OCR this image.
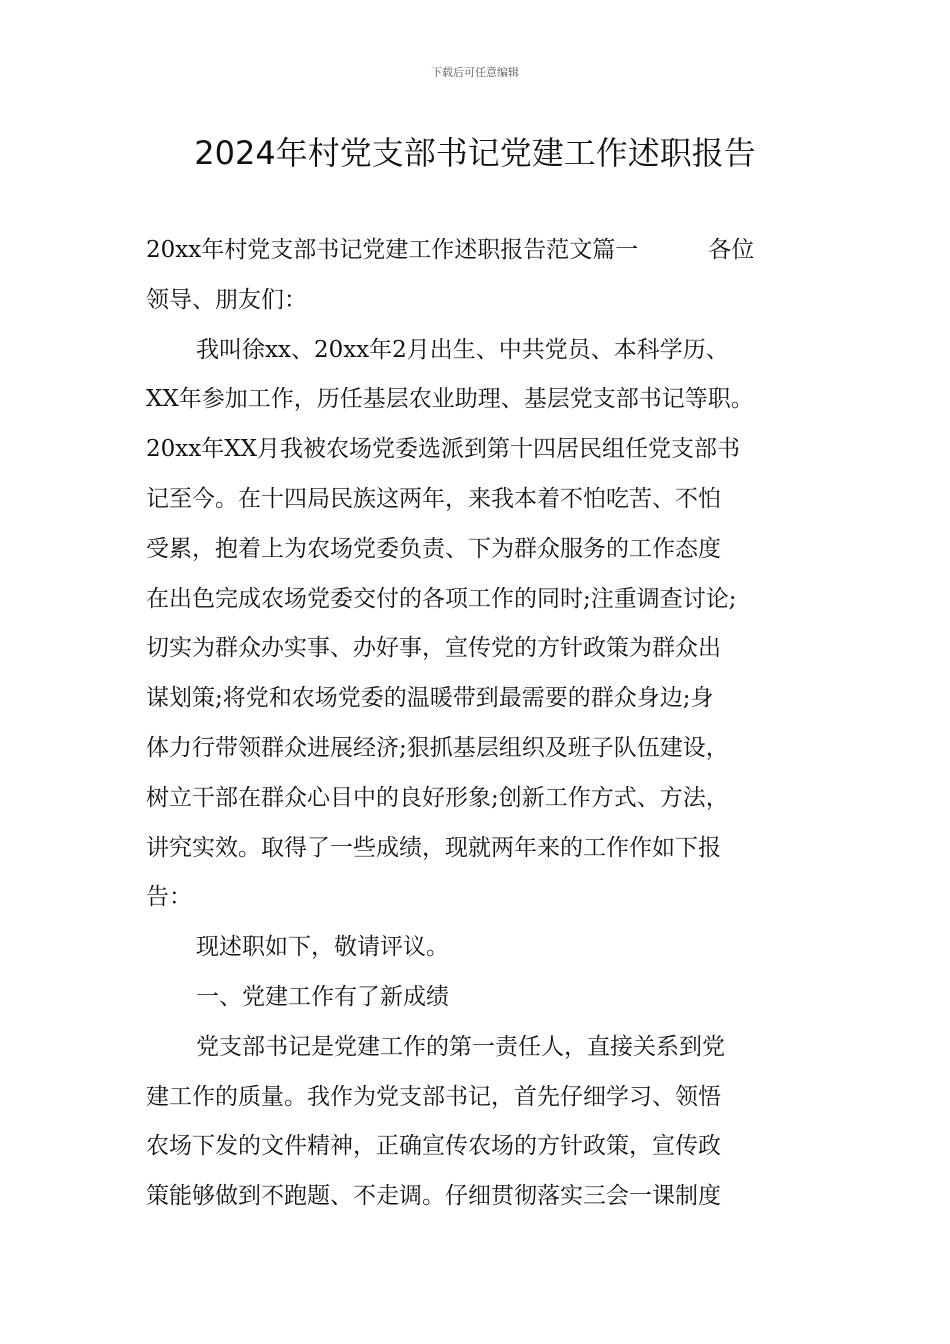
下载后可任意编辑
2024年村党支部书记党建工作述职报告
20xx年村党支部书记党建工作述职报告范文篇一	各位
领导、朋友们：
我叫徐xx、20xx年2月出生、中共党员、本科学历、
XX年参加工作，历任基层农业助理、基层党支部书记等职。
20xx年XX月我被农场党委选派到第十四居民组任党支部书
记至今。在十四局民族这两年，来我本着不怕吃苦、不怕
受累，抱着上为农场党委负责、下为群众服务的工作态度
在出色完成农场党委交付的各项工作的同时;注重调查讨论;
切实为群众办实事、办好事，宣传党的方针政策为群众出
谋划策;将党和农场党委的温暖带到最需要的群众身边;身
体力行带领群众进展经济;狠抓基层组织及班子队伍建设，
树立干部在群众心目中的良好形象;创新工作方式、方法，
讲究实效。取得了一些成绩，现就两年来的工作作如下报
告：
现述职如下，敬请评议。
一、党建工作有了新成绩
党支部书记是党建工作的第一责任人，直接关系到党
建工作的质量。我作为党支部书记，首先仔细学习、领悟
农场下发的文件精神，正确宣传农场的方针政策，宣传政
策能够做到不跑题、不走调。仔细贯彻落实三会一课制度
